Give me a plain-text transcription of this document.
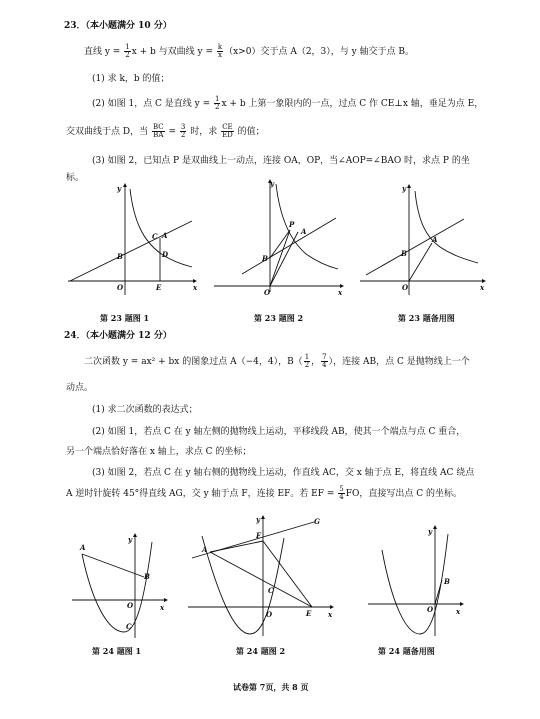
23．（本小题满分 10 分）
直线 $y = \frac{1}{2}$ x + b 与双曲线 $y = \frac{k}{x} (x>0)$交于点 A（2，3），与 y 轴交于点 B。
(1) 求 k，b 的值；
(2) 如图 1，点 C 是直线 $y = \frac{1}{2}$ x + b 上第一象限内的一点，过点 C 作 CE⊥x 轴，垂足为点 E，
交双曲线于点 D，当 $\frac{BC}{BA} = \frac{3}{2}$ 时，求 $\frac{CE}{ED}$ 的值；
(3) 如图 2，已知点 P 是双曲线上一动点，连接 OA，OP，当∠AOP=∠BAO 时，求点 P 的坐
标。
y
x
O
A
B
C
D
E
y
x
O
A
B
P
y
x
O
A
B
第 23 题图 1	第 23 题图 2	第 23 题备用图
24．（本小题满分 12 分）
二次函数 y = ax² + bx 的图象过点 A（−4，4），$B( \frac{1}{2}$ ， $\frac{7}{4}$ ），连接 AB，点 C 是抛物线上一个
动点。
(1) 求二次函数的表达式；
(2) 如图 1，若点 C 在 y 轴左侧的抛物线上运动，平移线段 AB，使其一个端点与点 C 重合，
另一个端点恰好落在 x 轴上，求点 C 的坐标；
(3) 如图 2，若点 C 在 y 轴右侧的抛物线上运动，作直线 AC，交 x 轴于点 E，将直线 AC 绕点
A 逆时针旋转 45°得直线 AG，交 y 轴于点 F，连接 EF。若 EF = $\frac{5}{4}$ FO，直接写出点 C 的坐标。
y
x
O
A
B
C
y
x
O
A
C
E
F
G
y
x
O
B
第 24 题图 1	第 24 题图 2	第 24 题备用图
试卷第 7页，共 8 页
